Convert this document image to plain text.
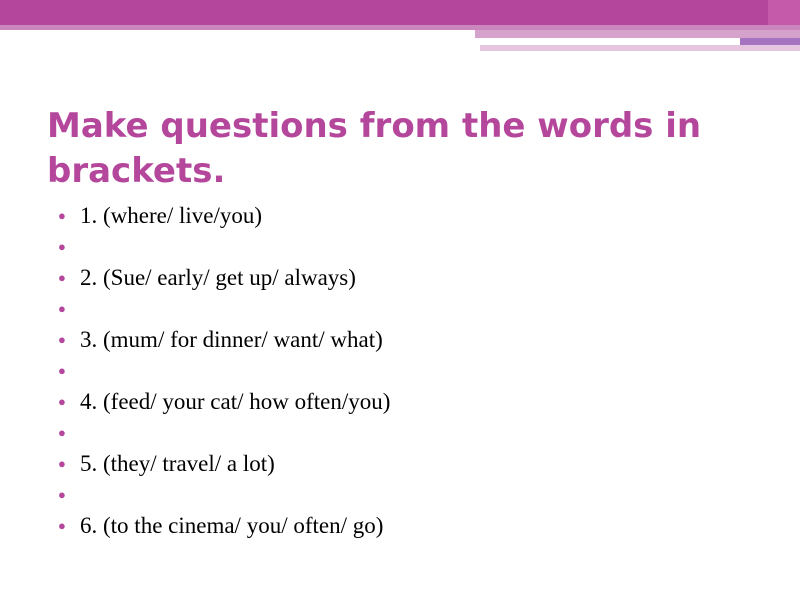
Make questions from the words in brackets.
● 1. (where/ live/you)
●
● 2. (Sue/ early/ get up/ always)
●
● 3. (mum/ for dinner/ want/ what)
●
● 4. (feed/ your cat/ how often/you)
●
● 5. (they/ travel/ a lot)
●
● 6. (to the cinema/ you/ often/ go)
